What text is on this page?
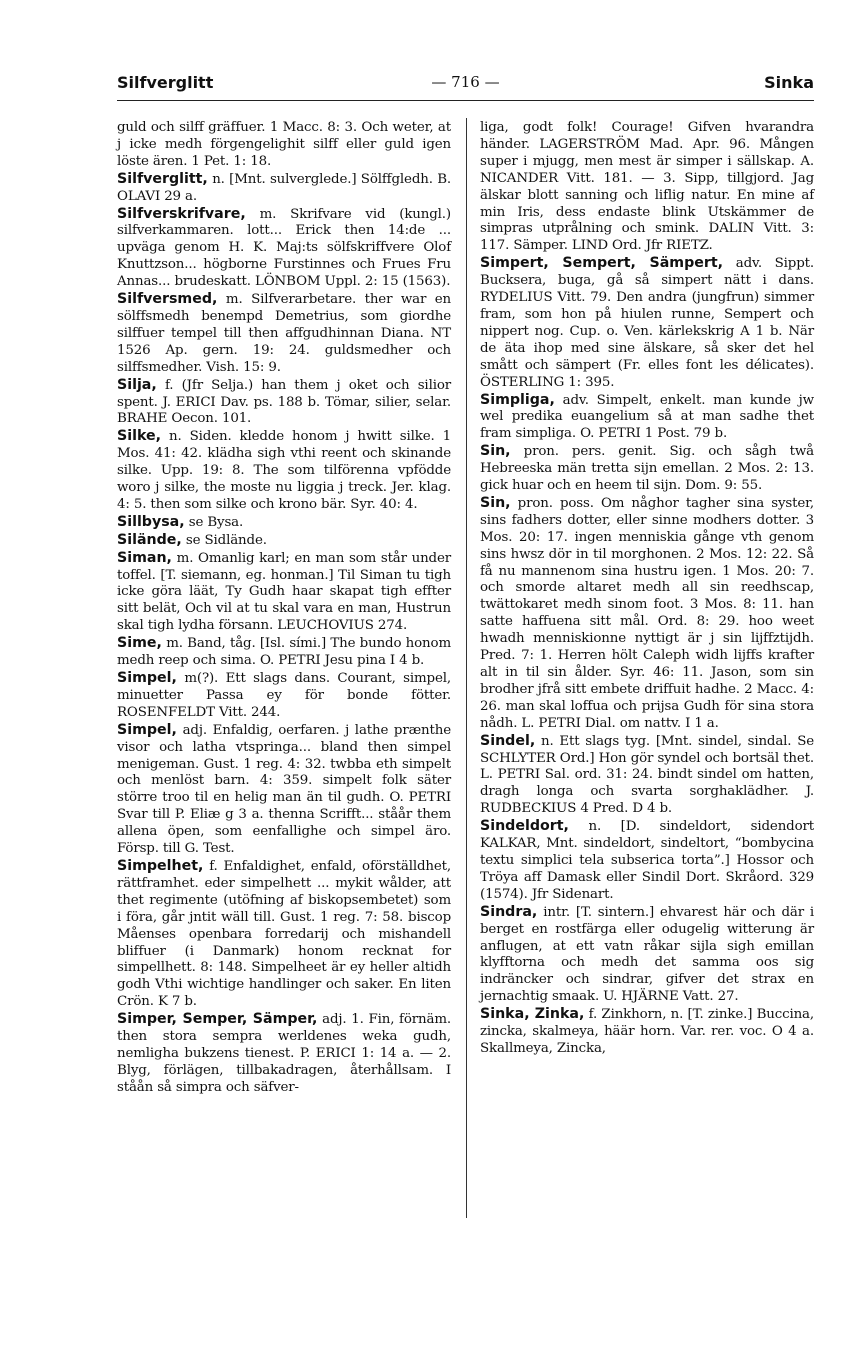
Silfverglitt	— 716 —	Sinka

guld och silff gräffuer. 1 Macc. 8: 3. Och weter, at j icke medh förgengelighit silff eller guld igen löste ären. 1 Pet. 1: 18.

Silfverglitt, n. [Mnt. sulverglede.] Sölffgledh. B. OLAVI 29 a.

Silfverskrifvare, m. Skrifvare vid (kungl.) silfverkammaren. lott... Erick then 14:de ... upväga genom H. K. Maj:ts sölfskriffvere Olof Knuttzson... högborne Furstinnes och Frues Fru Annas... brudeskatt. LÖNBOM Uppl. 2: 15 (1563).

Silfversmed, m. Silfverarbetare. ther war en sölffsmedh benempd Demetrius, som giordhe silffuer tempel till then affgudhinnan Diana. NT 1526 Ap. gern. 19: 24. guldsmedher och silffsmedher. Vish. 15: 9.

Silja, f. (Jfr Selja.) han them j oket och silior spent. J. ERICI Dav. ps. 188 b. Tömar, silier, selar. BRAHE Oecon. 101.

Silke, n. Siden. kledde honom j hwitt silke. 1 Mos. 41: 42. klädha sigh vthi reent och skinande silke. Upp. 19: 8. The som tilförenna vpfödde woro j silke, the moste nu liggia j treck. Jer. klag. 4: 5. then som silke och krono bär. Syr. 40: 4.

Sillbysa, se Bysa.

Silände, se Sidlände.

Siman, m. Omanlig karl; en man som står under toffel. [T. siemann, eg. honman.] Til Siman tu tigh icke göra läät, Ty Gudh haar skapat tigh effter sitt belät, Och vil at tu skal vara en man, Hustrun skal tigh lydha försann. LEUCHOVIUS 274.

Sime, m. Band, tåg. [Isl. sími.] The bundo honom medh reep och sima. O. PETRI Jesu pina I 4 b.

Simpel, m(?). Ett slags dans. Courant, simpel, minuetter Passa ey för bonde fötter. ROSENFELDT Vitt. 244.

Simpel, adj. Enfaldig, oerfaren. j lathe prænthe visor och latha vtspringa... bland then simpel menigeman. Gust. 1 reg. 4: 32. twbba eth simpelt och menlöst barn. 4: 359. simpelt folk säter större troo til en helig man än til gudh. O. PETRI Svar till P. Eliæ g 3 a. thenna Scrifft... ståår them allena öpen, som eenfallighe och simpel äro. Försp. till G. Test.

Simpelhet, f. Enfaldighet, enfald, oförställdhet, rättframhet. eder simpelhett ... mykit wålder, att thet regimente (utöfning af biskopsembetet) som i föra, går jntit wäll till. Gust. 1 reg. 7: 58. biscop Måenses openbara forredarij och mishandell bliffuer (i Danmark) honom recknat for simpellhett. 8: 148. Simpelheet är ey heller altidh godh Vthi wichtige handlinger och saker. En liten Crön. K 7 b.

Simper, Semper, Sämper, adj. 1. Fin, förnäm. then stora sempra werldenes weka gudh, nemligha bukzens tienest. P. ERICI 1: 14 a. — 2. Blyg, förlägen, tillbakadragen, återhållsam. I ståån så simpra och säfver-

liga, godt folk! Courage! Gifven hvarandra händer. LAGERSTRÖM Mad. Apr. 96. Mången super i mjugg, men mest är simper i sällskap. A. NICANDER Vitt. 181. — 3. Sipp, tillgjord. Jag älskar blott sanning och liflig natur. En mine af min Iris, dess endaste blink Utskämmer de simpras utprålning och smink. DALIN Vitt. 3: 117. Sämper. LIND Ord. Jfr RIETZ.

Simpert, Sempert, Sämpert, adv. Sippt. Bucksera, buga, gå så simpert nätt i dans. RYDELIUS Vitt. 79. Den andra (jungfrun) simmer fram, som hon på hiulen runne, Sempert och nippert nog. Cup. o. Ven. kärlekskrig A 1 b. När de äta ihop med sine älskare, så sker det hel smått och sämpert (Fr. elles font les délicates). ÖSTERLING 1: 395.

Simpliga, adv. Simpelt, enkelt. man kunde jw wel predika euangelium så at man sadhe thet fram simpliga. O. PETRI 1 Post. 79 b.

Sin, pron. pers. genit. Sig. och sågh twå Hebreeska män tretta sijn emellan. 2 Mos. 2: 13. gick huar och en heem til sijn. Dom. 9: 55.

Sin, pron. poss. Om någhor tagher sina syster, sins fadhers dotter, eller sinne modhers dotter. 3 Mos. 20: 17. ingen menniskia gånge vth genom sins hwsz dör in til morghonen. 2 Mos. 12: 22. Så få nu mannenom sina hustru igen. 1 Mos. 20: 7. och smorde altaret medh all sin reedhscap, twättokaret medh sinom foot. 3 Mos. 8: 11. han satte haffuena sitt mål. Ord. 8: 29. hoo weet hwadh menniskionne nyttigt är j sin lijffztijdh. Pred. 7: 1. Herren hölt Caleph widh lijffs krafter alt in til sin ålder. Syr. 46: 11. Jason, som sin brodher jfrå sitt embete driffuit hadhe. 2 Macc. 4: 26. man skal loffua och prijsa Gudh för sina stora nådh. L. PETRI Dial. om nattv. I 1 a.

Sindel, n. Ett slags tyg. [Mnt. sindel, sindal. Se SCHLYTER Ord.] Hon gör syndel och bortsäl thet. L. PETRI Sal. ord. 31: 24. bindt sindel om hatten, dragh longa och svarta sorghaklädher. J. RUDBECKIUS 4 Pred. D 4 b.

Sindeldort, n. [D. sindeldort, sidendort KALKAR, Mnt. sindeldort, sindeltort, “bombycina textu simplici tela subserica torta”.] Hossor och Tröya aff Damask eller Sindil Dort. Skråord. 329 (1574). Jfr Sidenart.

Sindra, intr. [T. sintern.] ehvarest här och där i berget en rostfärga eller odugelig witterung är anflugen, at ett vatn råkar sijla sigh emillan klyfftorna och medh det samma oos sig indräncker och sindrar, gifver det strax en jernachtig smaak. U. HJÄRNE Vatt. 27.

Sinka, Zinka, f. Zinkhorn, n. [T. zinke.] Buccina, zincka, skalmeya, häär horn. Var. rer. voc. O 4 a. Skallmeya, Zincka,
